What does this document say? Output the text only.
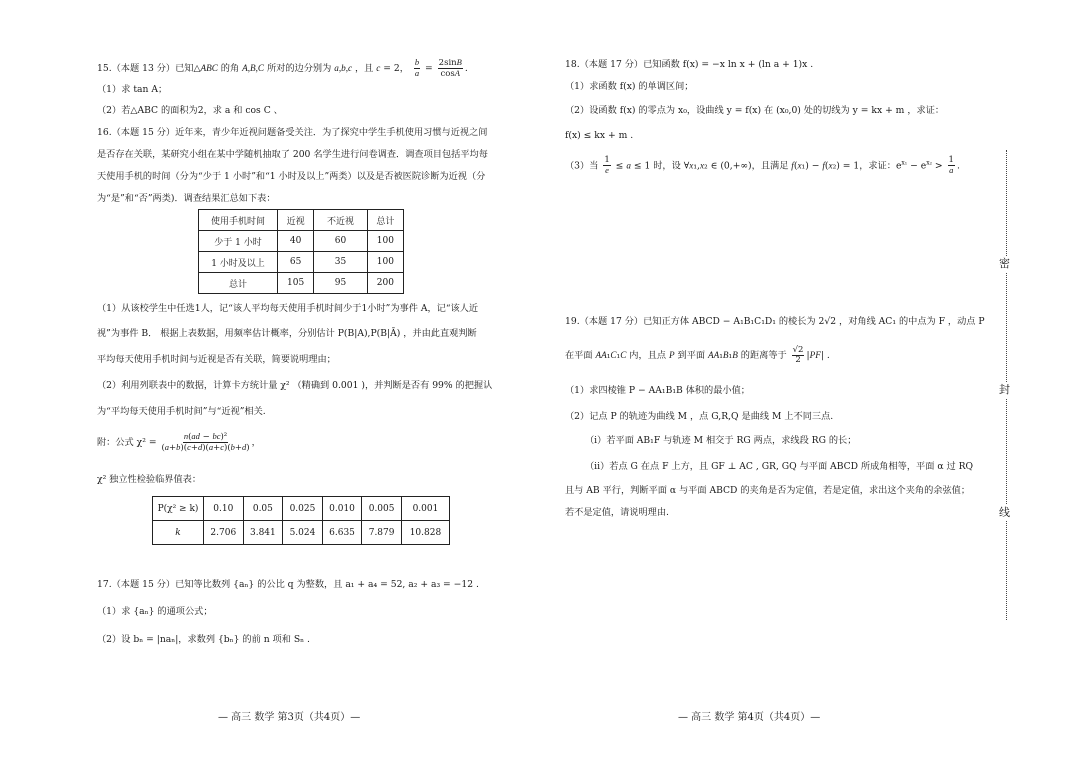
15.（本题 13 分）已知△ABC 的角 A,B,C 所对的边分别为 a,b,c ，且 c = 2， $\frac{b}{a} = \frac{2\sin B}{\cos A}$ .
（1）求 tan A；
（2）若△ABC 的面积为2，求 a 和 cos C 、
16.（本题 15 分）近年来，青少年近视问题备受关注．为了探究中学生手机使用习惯与近视之间
是否存在关联，某研究小组在某中学随机抽取了 200 名学生进行问卷调查．调查项目包括平均每
天使用手机的时间（分为“少于 1 小时”和“1 小时及以上”两类）以及是否被医院诊断为近视（分
为“是”和“否”两类)．调查结果汇总如下表：
使用手机时间	近视	不近视	总计
少于 1 小时	40	60	100
1 小时及以上	65	35	100
总计	105	95	200
（1）从该校学生中任选1人，记“该人平均每天使用手机时间少于1小时”为事件 A，记“该人近
视”为事件 B． 根据上表数据，用频率估计概率，分别估计 P(B|A),P(B|Ā) ，并由此直观判断
平均每天使用手机时间与近视是否有关联，简要说明理由；
（2）利用列联表中的数据，计算卡方统计量 χ² （精确到 0.001 )，并判断是否有 99% 的把握认
为“平均每天使用手机时间”与“近视”相关.
附：公式 $\chi^2 = \frac{\text{n(ad − bc)²}}{(a+b)(c+d)(a+c)(b+d)}$ ，
χ² 独立性检验临界值表：
P(χ² ≥ k)	0.10	0.05	0.025	0.010	0.005	0.001
k	2.706	3.841	5.024	6.635	7.879	10.828
17.（本题 15 分）已知等比数列 {aₙ} 的公比 q 为整数，且 a₁ + a₄ = 52, a₂ + a₃ = −12 .
（1）求 {aₙ} 的通项公式；
（2）设 bₙ = |naₙ|，求数列 {bₙ} 的前 n 项和 Sₙ .
— 高三 数学 第3页（共4页）—
18.（本题 17 分）已知函数 f(x) = −x ln x + (ln a + 1)x .
（1）求函数 f(x) 的单调区间；
（2）设函数 f(x) 的零点为 x₀，设曲线 y = f(x) 在 (x₀,0) 处的切线为 y = kx + m ，求证：
f(x) ≤ kx + m .
（3）当 $\frac{1}{e} \le a \le 1$ 时，设 ∀x₁,x₂ ∈ (0,+∞)，且满足 f(x₁) − f(x₂) = 1，求证：$e^{x_1} - e^{x_2} > \frac{1}{a}$ .
19.（本题 17 分）已知正方体 ABCD − A₁B₁C₁D₁ 的棱长为 2√2 ，对角线 AC₁ 的中点为 F ，动点 P
在平面 AA₁C₁C 内，且点 P 到平面 AA₁B₁B 的距离等于 $\frac{√2}{2} |PF|$ .
（1）求四棱锥 P − AA₁B₁B 体积的最小值；
（2）记点 P 的轨迹为曲线 M ，点 G,R,Q 是曲线 M 上不同三点.
（i）若平面 AB₁F 与轨迹 M 相交于 RG 两点，求线段 RG 的长；
（ii）若点 G 在点 F 上方，且 GF ⊥ AC , GR, GQ 与平面 ABCD 所成角相等，平面 α 过 RQ
且与 AB 平行，判断平面 α 与平面 ABCD 的夹角是否为定值，若是定值，求出这个夹角的余弦值；
若不是定值，请说明理由.
— 高三 数学 第4页（共4页）—
密
封
线
